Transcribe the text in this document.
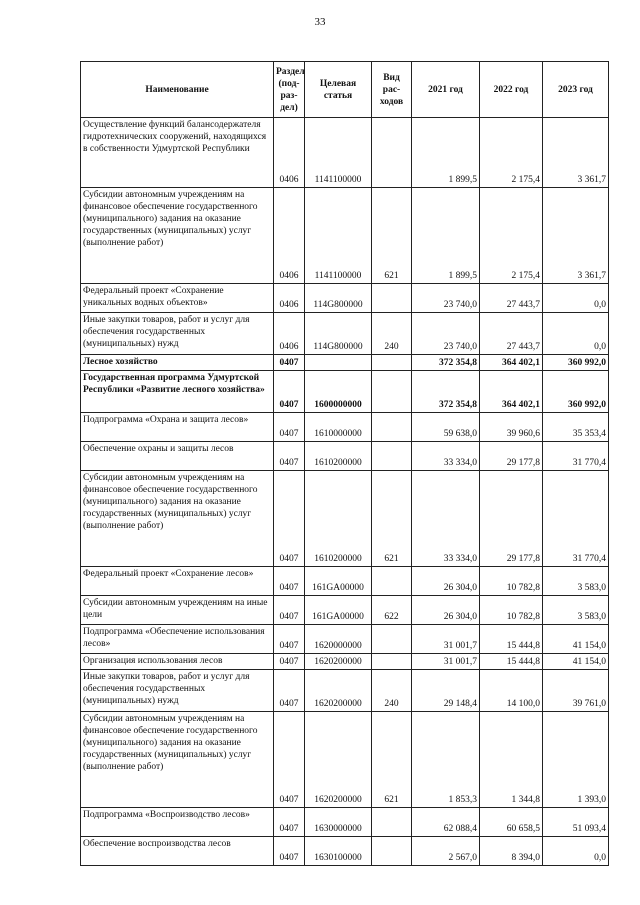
33
Наименование	Раздел (под-раз-дел)	Целевая статья	Вид рас-ходов	2021 год	2022 год	2023 год
Осуществление функций балансодержателя гидротехнических сооружений, находящихся в собственности Удмуртской Республики	0406	1141100000		1 899,5	2 175,4	3 361,7
Субсидии автономным учреждениям на финансовое обеспечение государственного (муниципального) задания на оказание государственных (муниципальных) услуг (выполнение работ)	0406	1141100000	621	1 899,5	2 175,4	3 361,7
Федеральный проект «Сохранение уникальных водных объектов»	0406	114G800000		23 740,0	27 443,7	0,0
Иные закупки товаров, работ и услуг для обеспечения государственных (муниципальных) нужд	0406	114G800000	240	23 740,0	27 443,7	0,0
Лесное хозяйство	0407			372 354,8	364 402,1	360 992,0
Государственная программа Удмуртской Республики «Развитие лесного хозяйства»	0407	1600000000		372 354,8	364 402,1	360 992,0
Подпрограмма «Охрана и защита лесов»	0407	1610000000		59 638,0	39 960,6	35 353,4
Обеспечение охраны и защиты лесов	0407	1610200000		33 334,0	29 177,8	31 770,4
Субсидии автономным учреждениям на финансовое обеспечение государственного (муниципального) задания на оказание государственных (муниципальных) услуг (выполнение работ)	0407	1610200000	621	33 334,0	29 177,8	31 770,4
Федеральный проект «Сохранение лесов»	0407	161GA00000		26 304,0	10 782,8	3 583,0
Субсидии автономным учреждениям на иные цели	0407	161GA00000	622	26 304,0	10 782,8	3 583,0
Подпрограмма «Обеспечение использования лесов»	0407	1620000000		31 001,7	15 444,8	41 154,0
Организация использования лесов	0407	1620200000		31 001,7	15 444,8	41 154,0
Иные закупки товаров, работ и услуг для обеспечения государственных (муниципальных) нужд	0407	1620200000	240	29 148,4	14 100,0	39 761,0
Субсидии автономным учреждениям на финансовое обеспечение государственного (муниципального) задания на оказание государственных (муниципальных) услуг (выполнение работ)	0407	1620200000	621	1 853,3	1 344,8	1 393,0
Подпрограмма «Воспроизводство лесов»	0407	1630000000		62 088,4	60 658,5	51 093,4
Обеспечение воспроизводства лесов	0407	1630100000		2 567,0	8 394,0	0,0
